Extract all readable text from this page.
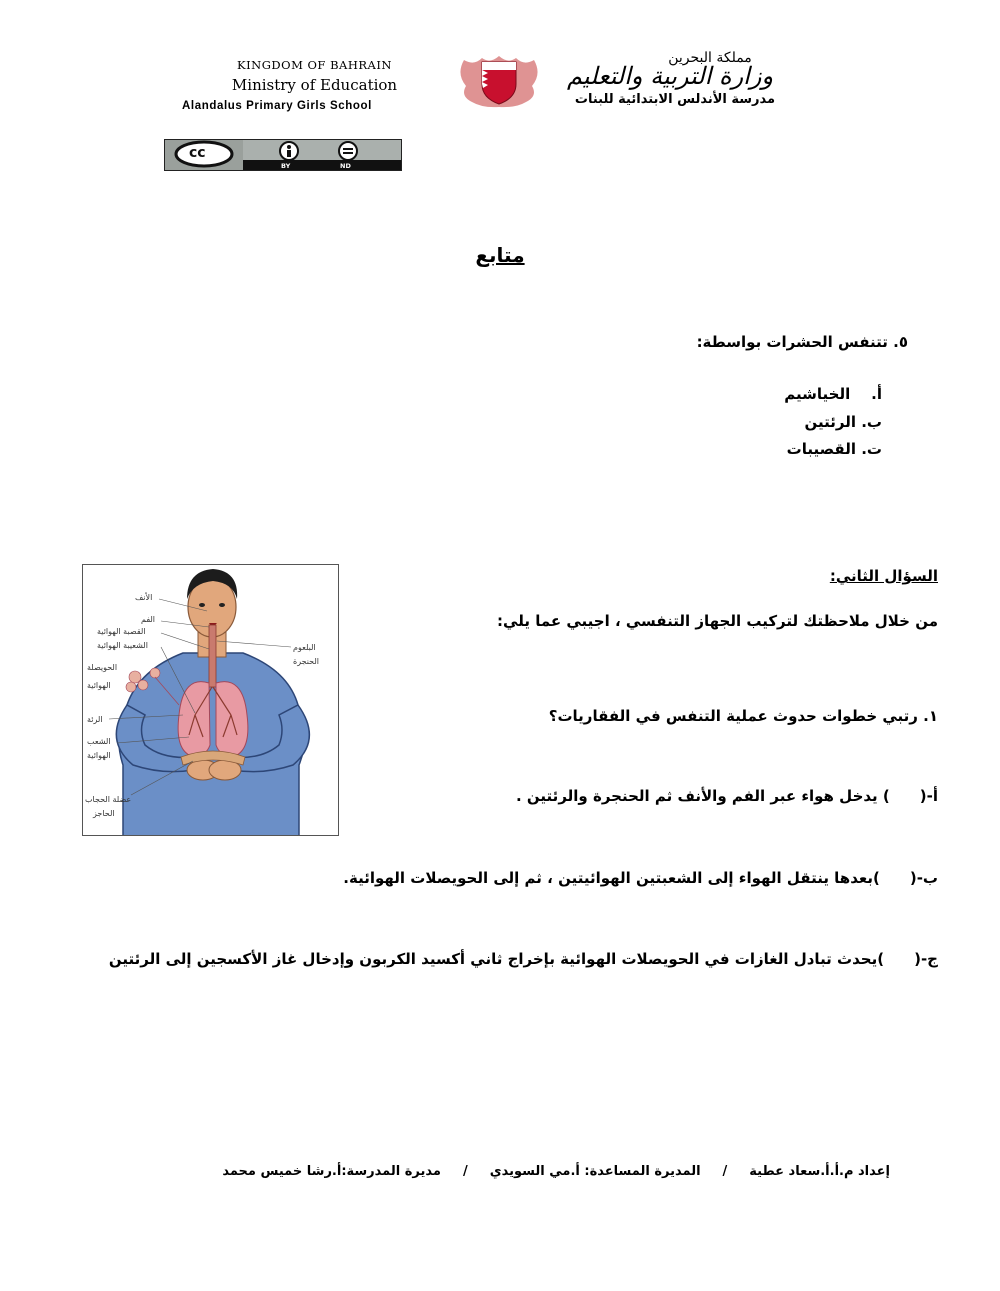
KINGDOM OF BAHRAIN
Ministry of Education
Alandalus Primary Girls School
مملكة البحرين
وزارة التربية والتعليم
مدرسة الأندلس الابتدائية للبنات
cc
BY	ND
متابع
٥. تتنفس الحشرات بواسطة:
أ.    الخياشيم
ب. الرئتين
ت. القصيبات
السؤال الثاني:
من خلال ملاحظتك لتركيب الجهاز التنفسي ، اجيبي عما يلي:
١. رتبي خطوات حدوث عملية التنفس في الفقاريات؟
أ-() يدخل هواء عبر الفم والأنف ثم الحنجرة والرئتين .
ب-()بعدها ينتقل الهواء إلى الشعبتين الهوائيتين ، ثم إلى الحويصلات الهوائية.
ج-()يحدث تبادل الغازات في الحويصلات الهوائية بإخراج ثاني أكسيد الكربون وإدخال غاز الأكسجين إلى الرئتين
الأنف
الفم
القصبة الهوائية
الشعيبة الهوائية
الحويصلة
الهوائية
الرئة
الشعب
الهوائية
عضلة الحجاب
الحاجز
البلعوم
الحنجرة
إعداد م.أ.أ.سعاد عطية/المديرة المساعدة: أ.مي السويدي/مديرة المدرسة:أ.رشا خميس محمد
